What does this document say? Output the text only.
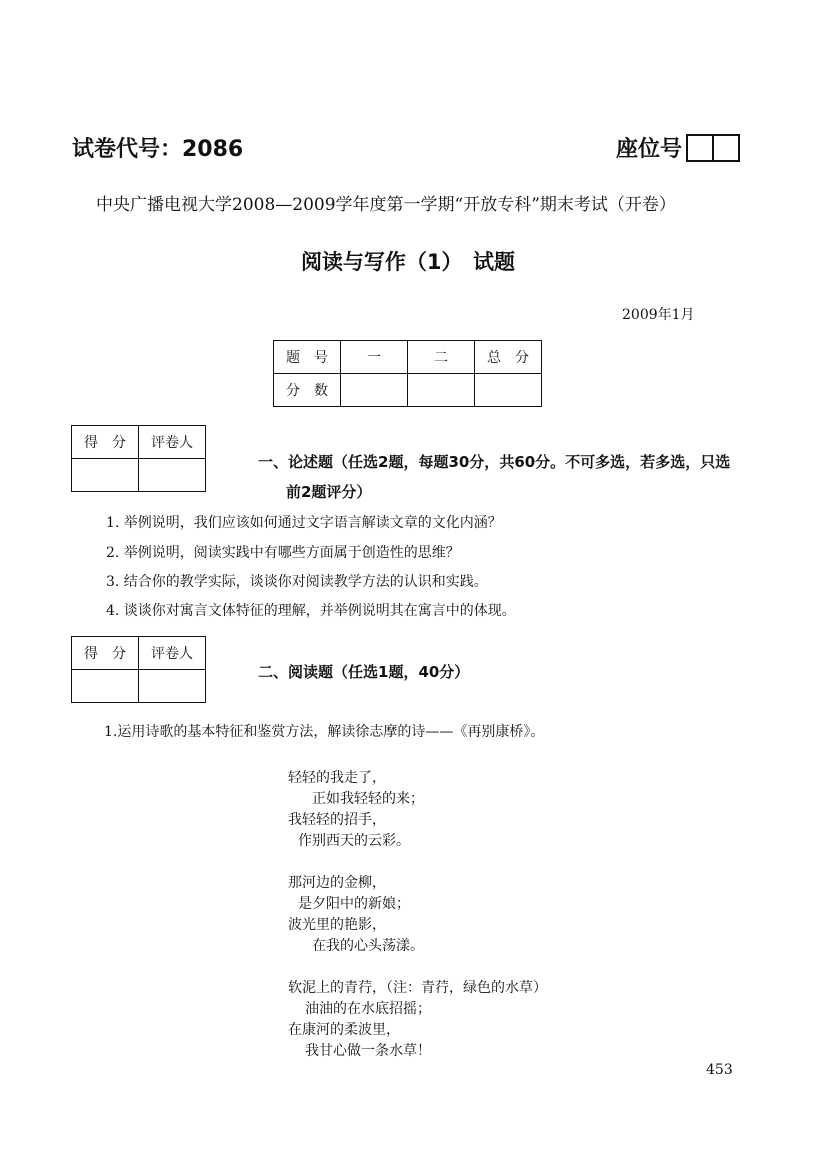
试卷代号：2086	座位号
中央广播电视大学2008—2009学年度第一学期“开放专科”期末考试（开卷）
阅读与写作（1）　试题
2009年1月
题　号	一	二	总　分
分　数			
得　分	评卷人

一、论述题（任选2题，每题30分，共60分。不可多选，若多选，只选
前2题评分）
1. 举例说明，我们应该如何通过文字语言解读文章的文化内涵？
2. 举例说明，阅读实践中有哪些方面属于创造性的思维？
3. 结合你的教学实际，谈谈你对阅读教学方法的认识和实践。
4. 谈谈你对寓言文体特征的理解，并举例说明其在寓言中的体现。
得　分	评卷人

二、阅读题（任选1题，40分）
1.运用诗歌的基本特征和鉴赏方法，解读徐志摩的诗——《再别康桥》。
轻轻的我走了，
正如我轻轻的来；
我轻轻的招手，
作别西天的云彩。
那河边的金柳，
是夕阳中的新娘；
波光里的艳影，
在我的心头荡漾。
软泥上的青荇，（注：青荇，绿色的水草）
油油的在水底招摇；
在康河的柔波里，
我甘心做一条水草！
453
